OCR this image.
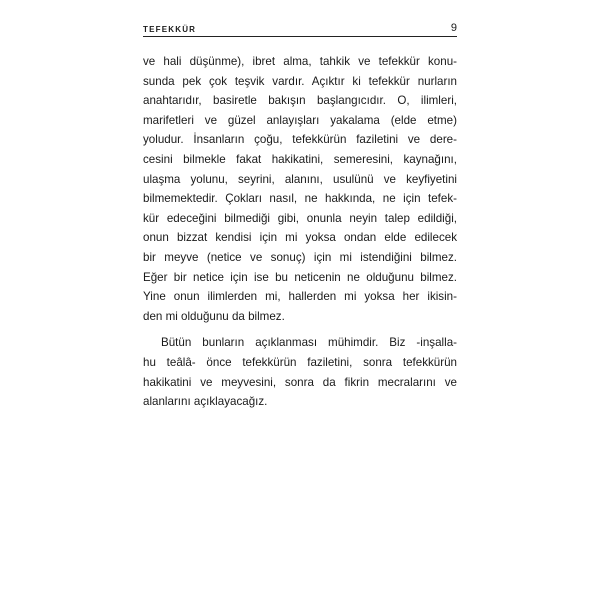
TEFEKKÜR	9
ve hali düşünme), ibret alma, tahkik ve tefekkür konu-
sunda pek çok teşvik vardır. Açıktır ki tefekkür nurların
anahtarıdır, basiretle bakışın başlangıcıdır. O, ilimleri,
marifetleri ve güzel anlayışları yakalama (elde etme)
yoludur. İnsanların çoğu, tefekkürün faziletini ve dere-
cesini bilmekle fakat hakikatini, semeresini, kaynağını,
ulaşma yolunu, seyrini, alanını, usulünü ve keyfiyetini
bilmemektedir. Çokları nasıl, ne hakkında, ne için tefek-
kür edeceğini bilmediği gibi, onunla neyin talep edildiği,
onun bizzat kendisi için mi yoksa ondan elde edilecek
bir meyve (netice ve sonuç) için mi istendiğini bilmez.
Eğer bir netice için ise bu neticenin ne olduğunu bilmez.
Yine onun ilimlerden mi, hallerden mi yoksa her ikisin-
den mi olduğunu da bilmez.
Bütün bunların açıklanması mühimdir. Biz -inşalla-
hu teâlâ- önce tefekkürün faziletini, sonra tefekkürün
hakikatini ve meyvesini, sonra da fikrin mecralarını ve
alanlarını açıklayacağız.
